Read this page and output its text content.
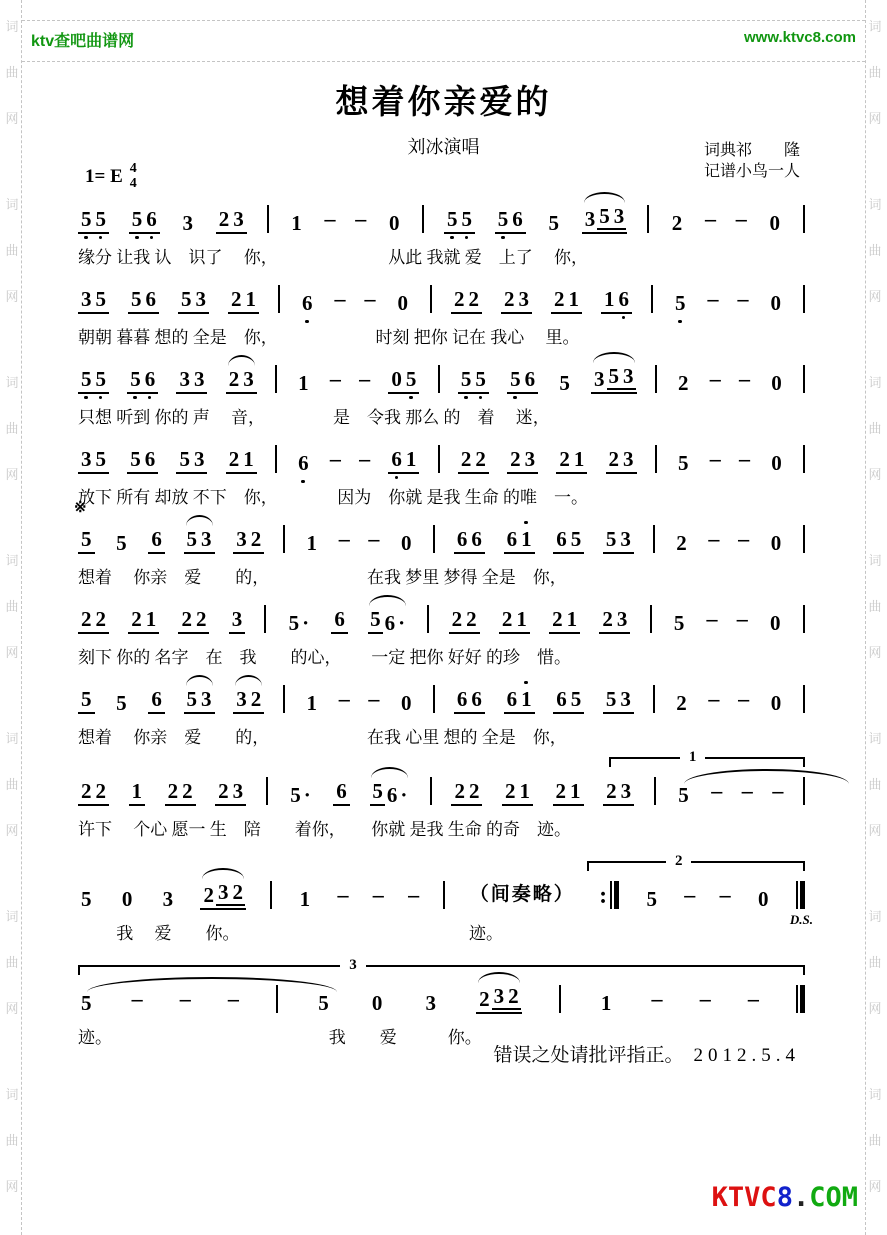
ktv查吧曲谱网	www.ktvc8.com
想着你亲爱的
刘冰演唱	词典祁　　隆
记谱小鸟一人
1=
E 4
4
5 5 5 6 3 2 3 1 – – 0 5 5 5 6 5 3 5 3 2 – – 0
缘分 让我 认　识了　 你，　　　　　　　从此 我就 爱　上了　 你，
3 5 5 6 5 3 2 1 6 – – 0 2 2 2 3 2 1 1 6 5 – – 0
朝朝 暮暮 想的 全是　你，　　　　　　 时刻 把你 记在 我心　 里。
5 5 5 6 3 3 2 3 1 – – 0 5 5 5 5 6 5 3 5 3 2 – – 0
只想 听到 你的 声　 音，　　　　  是　令我 那么 的　着　 迷，
3 5 5 6 5 3 2 1 6 – – 6 1 2 2 2 3 2 1 2 3 5 – – 0
放下 所有 却放 不下　你，　　　　因为　你就 是我 生命 的唯　一。
※
5 5 6 5 3 3 2 1 – – 0 6 6 6 1 6 5 5 3 2 – – 0
想着　 你亲　爱　　的，　　　　　　 在我 梦里 梦得 全是　你，
2 2 2 1 2 2 3 5 · 6 5 6 · 2 2 2 1 2 1 2 3 5 – – 0
刻下 你的 名字　在　我　　的心，　　 一定 把你 好好 的珍　惜。
5 5 6 5 3 3 2 1 – – 0 6 6 6 1 6 5 5 3 2 – – 0
想着　 你亲　爱　　的，　　　　　　 在我 心里 想的 全是　你，
1
2 2 1 2 2 2 3 5 · 6 5 6 · 2 2 2 1 2 1 2 3 5 – – –
许下　 个心 愿一 生　陪　　着你，　　你就 是我 生命 的奇　迹。
2
5 0 3 2 3 2	1 – – –	（间奏略） : 5 – – 0
D.S.
　　 我　 爱　　你。　　　　　　　　　　　　　　迹。
3
5 – – –	5 0 3 2 3 2	1 – – –
迹。　　　　　　　　　　　　　 我　　爱　　　你。
错误之处请批评指正。 2012.5.4
KTVC8.COM
词
曲
网
词
曲
网
词
曲
网
词
曲
网
词
曲
网
词
曲
网
词
曲
网
词
曲
网
词
曲
网
词
曲
网
词
曲
网
词
曲
网
词
曲
网
词
曲
网
